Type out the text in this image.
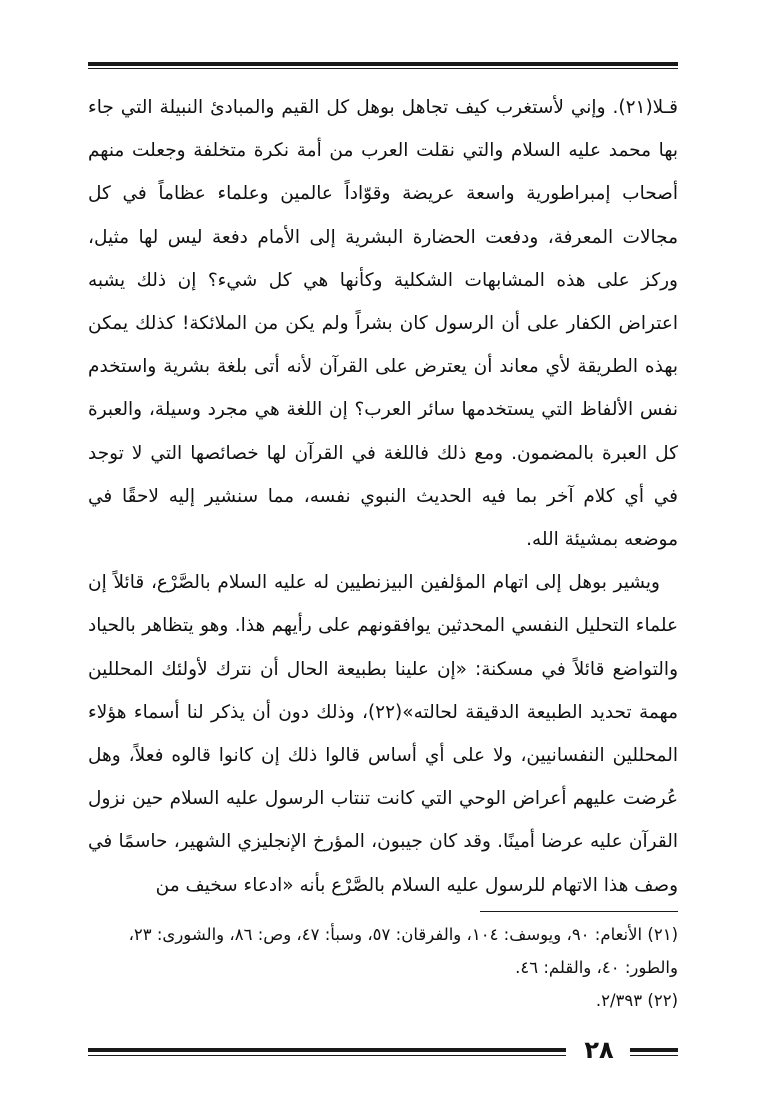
قـلا(٢١). وإني لأستغرب كيف تجاهل بوهل كل القيم والمبادئ النبيلة التي جاء بها محمد عليه السلام والتي نقلت العرب من أمة نكرة متخلفة وجعلت منهم أصحاب إمبراطورية واسعة عريضة وقوّاداً عالمين وعلماء عظاماً في كل مجالات المعرفة، ودفعت الحضارة البشرية إلى الأمام دفعة ليس لها مثيل، وركز على هذه المشابهات الشكلية وكأنها هي كل شيء؟ إن ذلك يشبه اعتراض الكفار على أن الرسول كان بشراً ولم يكن من الملائكة! كذلك يمكن بهذه الطريقة لأي معاند أن يعترض على القرآن لأنه أتى بلغة بشرية واستخدم نفس الألفاظ التي يستخدمها سائر العرب؟ إن اللغة هي مجرد وسيلة، والعبرة كل العبرة بالمضمون. ومع ذلك فاللغة في القرآن لها خصائصها التي لا توجد في أي كلام آخر بما فيه الحديث النبوي نفسه، مما سنشير إليه لاحقًا في موضعه بمشيئة الله.

ويشير بوهل إلى اتهام المؤلفين البيزنطيين له عليه السلام بالصَّرْع، قائلاً إن علماء التحليل النفسي المحدثين يوافقونهم على رأيهم هذا. وهو يتظاهر بالحياد والتواضع قائلاً في مسكنة: «إن علينا بطبيعة الحال أن نترك لأولئك المحللين مهمة تحديد الطبيعة الدقيقة لحالته»(٢٢)، وذلك دون أن يذكر لنا أسماء هؤلاء المحللين النفسانيين، ولا على أي أساس قالوا ذلك إن كانوا قالوه فعلاً، وهل عُرضت عليهم أعراض الوحي التي كانت تنتاب الرسول عليه السلام حين نزول القرآن عليه عرضا أمينًا. وقد كان جيبون، المؤرخ الإنجليزي الشهير، حاسمًا في وصف هذا الاتهام للرسول عليه السلام بالصَّرْع بأنه «ادعاء سخيف من

(٢١) الأنعام: ٩٠، ويوسف: ١٠٤، والفرقان: ٥٧، وسبأ: ٤٧، وص: ٨٦، والشورى: ٢٣،
والطور: ٤٠، والقلم: ٤٦.
(٢٢) ٢/٣٩٣.
٢٨
